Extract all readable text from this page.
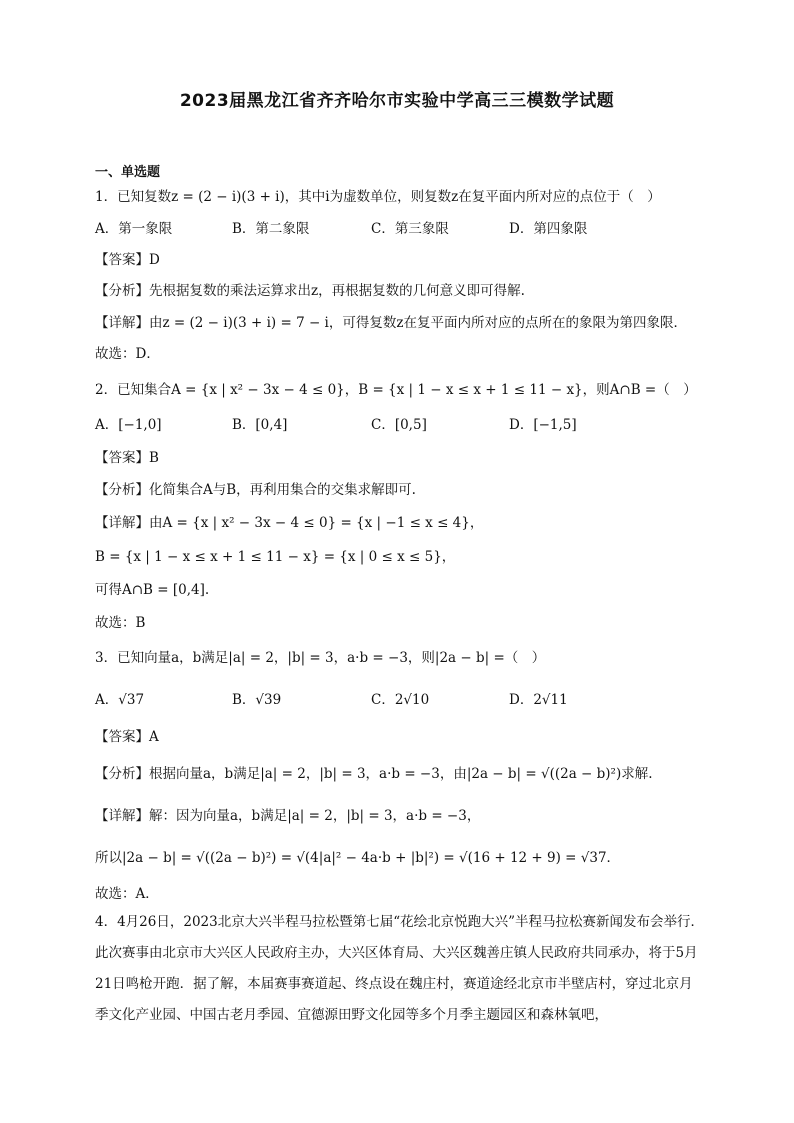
2023届黑龙江省齐齐哈尔市实验中学高三三模数学试题
一、单选题
1．已知复数z = (2 − i)(3 + i)，其中i为虚数单位，则复数z在复平面内所对应的点位于（　）
A．第一象限	B．第二象限	C．第三象限	D．第四象限
【答案】D
【分析】先根据复数的乘法运算求出z，再根据复数的几何意义即可得解.
【详解】由z = (2 − i)(3 + i) = 7 − i，可得复数z在复平面内所对应的点所在的象限为第四象限．
故选：D．
2．已知集合A = {x | x² − 3x − 4 ≤ 0}，B = {x | 1 − x ≤ x + 1 ≤ 11 − x}，则A∩B =（　）
A．[−1,0]	B．[0,4]	C．[0,5]	D．[−1,5]
【答案】B
【分析】化简集合A与B，再利用集合的交集求解即可.
【详解】由A = {x | x² − 3x − 4 ≤ 0} = {x | −1 ≤ x ≤ 4}，
B = {x | 1 − x ≤ x + 1 ≤ 11 − x} = {x | 0 ≤ x ≤ 5}，
可得A∩B = [0,4].
故选：B
3．已知向量a，b满足|a| = 2，|b| = 3，a·b = −3，则|2a − b| =（　）
A．√37	B．√39	C．2√10	D．2√11
【答案】A
【分析】根据向量a，b满足|a| = 2，|b| = 3，a·b = −3，由|2a − b| = √((2a − b)²)求解.
【详解】解：因为向量a，b满足|a| = 2，|b| = 3，a·b = −3，
所以|2a − b| = √((2a − b)²) = √(4|a|² − 4a·b + |b|²) = √(16 + 12 + 9) = √37．
故选：A．
4．4月26日，2023北京大兴半程马拉松暨第七届“花绘北京悦跑大兴”半程马拉松赛新闻发布会举行．此次赛事由北京市大兴区人民政府主办，大兴区体育局、大兴区魏善庄镇人民政府共同承办，将于5月21日鸣枪开跑．据了解，本届赛事赛道起、终点设在魏庄村，赛道途经北京市半壁店村，穿过北京月季文化产业园、中国古老月季园、宜德源田野文化园等多个月季主题园区和森林氧吧，
